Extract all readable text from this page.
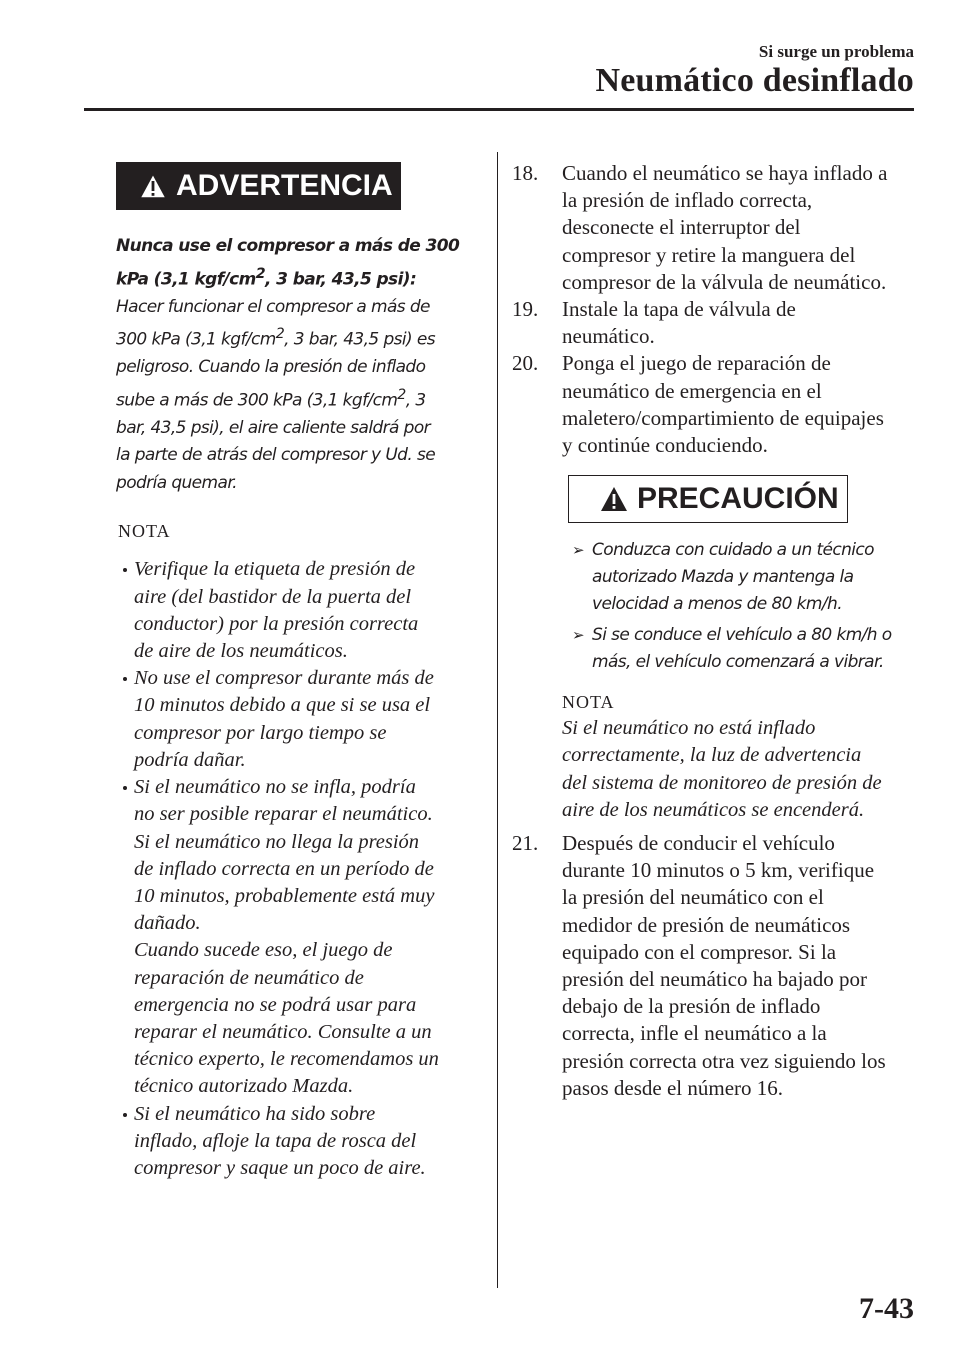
Si surge un problema
Neumático desinflado
ADVERTENCIA

Nunca use el compresor a más de 300
kPa (3,1 kgf/$cm^2$, 3 bar, 43,5 psi):

Hacer funcionar el compresor a más de
300 kPa (3,1 kgf/$cm^2$, 3 bar, 43,5 psi) es
peligroso. Cuando la presión de inflado
sube a más de 300 kPa (3,1 kgf/$cm^2$, 3
bar, 43,5 psi), el aire caliente saldrá por
la parte de atrás del compresor y Ud. se
podría quemar.

NOTA
Verifique la etiqueta de presión de
aire (del bastidor de la puerta del
conductor) por la presión correcta
de aire de los neumáticos.
No use el compresor durante más de
10 minutos debido a que si se usa el
compresor por largo tiempo se
podría dañar.
Si el neumático no se infla, podría
no ser posible reparar el neumático.
Si el neumático no llega la presión
de inflado correcta en un período de
10 minutos, probablemente está muy
dañado.
Cuando sucede eso, el juego de
reparación de neumático de
emergencia no se podrá usar para
reparar el neumático. Consulte a un
técnico experto, le recomendamos un
técnico autorizado Mazda.
Si el neumático ha sido sobre
inflado, afloje la tapa de rosca del
compresor y saque un poco de aire.
18. Cuando el neumático se haya inflado a
la presión de inflado correcta,
desconecte el interruptor del
compresor y retire la manguera del
compresor de la válvula de neumático.
19. Instale la tapa de válvula de
neumático.
20. Ponga el juego de reparación de
neumático de emergencia en el
maletero/compartimiento de equipajes
y continúe conduciendo.
PRECAUCIÓN
➢ Conduzca con cuidado a un técnico
autorizado Mazda y mantenga la
velocidad a menos de 80 km/h.
➢ Si se conduce el vehículo a 80 km/h o
más, el vehículo comenzará a vibrar.
NOTA
Si el neumático no está inflado
correctamente, la luz de advertencia
del sistema de monitoreo de presión de
aire de los neumáticos se encenderá.
21. Después de conducir el vehículo
durante 10 minutos o 5 km, verifique
la presión del neumático con el
medidor de presión de neumáticos
equipado con el compresor. Si la
presión del neumático ha bajado por
debajo de la presión de inflado
correcta, infle el neumático a la
presión correcta otra vez siguiendo los
pasos desde el número 16.
7-43
